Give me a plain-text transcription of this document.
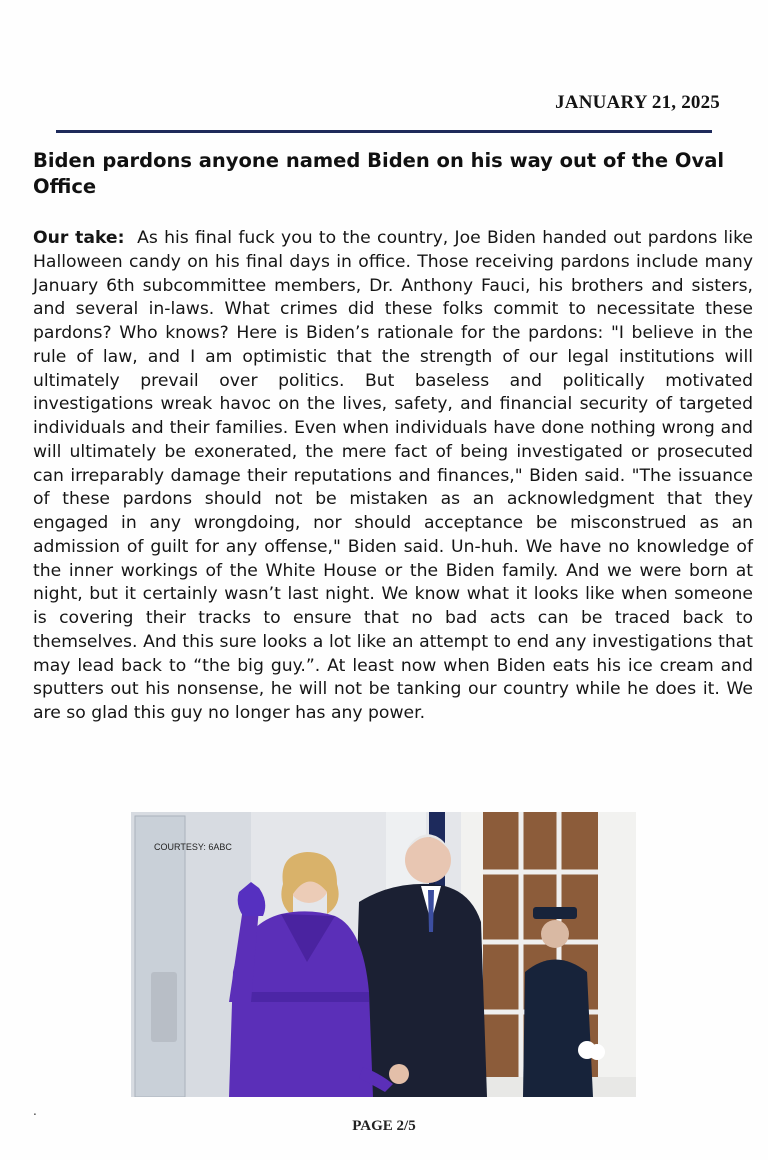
JANUARY 21, 2025
Biden pardons anyone named Biden on his way out of the Oval Office

Our take: As his final fuck you to the country, Joe Biden handed out pardons like Halloween candy on his final days in office. Those receiving pardons include many January 6th subcommittee members, Dr. Anthony Fauci, his brothers and sisters, and several in-laws. What crimes did these folks commit to necessitate these pardons? Who knows? Here is Biden’s rationale for the pardons: "I believe in the rule of law, and I am optimistic that the strength of our legal institutions will ultimately prevail over politics. But baseless and politically motivated investigations wreak havoc on the lives, safety, and financial security of targeted individuals and their families. Even when individuals have done nothing wrong and will ultimately be exonerated, the mere fact of being investigated or prosecuted can irreparably damage their reputations and finances," Biden said. "The issuance of these pardons should not be mistaken as an acknowledgment that they engaged in any wrongdoing, nor should acceptance be misconstrued as an admission of guilt for any offense," Biden said. Un-huh. We have no knowledge of the inner workings of the White House or the Biden family. And we were born at night, but it certainly wasn’t last night. We know what it looks like when someone is covering their tracks to ensure that no bad acts can be traced back to themselves. And this sure looks a lot like an attempt to end any investigations that may lead back to “the big guy.”. At least now when Biden eats his ice cream and sputters out his nonsense, he will not be tanking our country while he does it. We are so glad this guy no longer has any power.

COURTESY: 6ABC
.
PAGE 2/5
